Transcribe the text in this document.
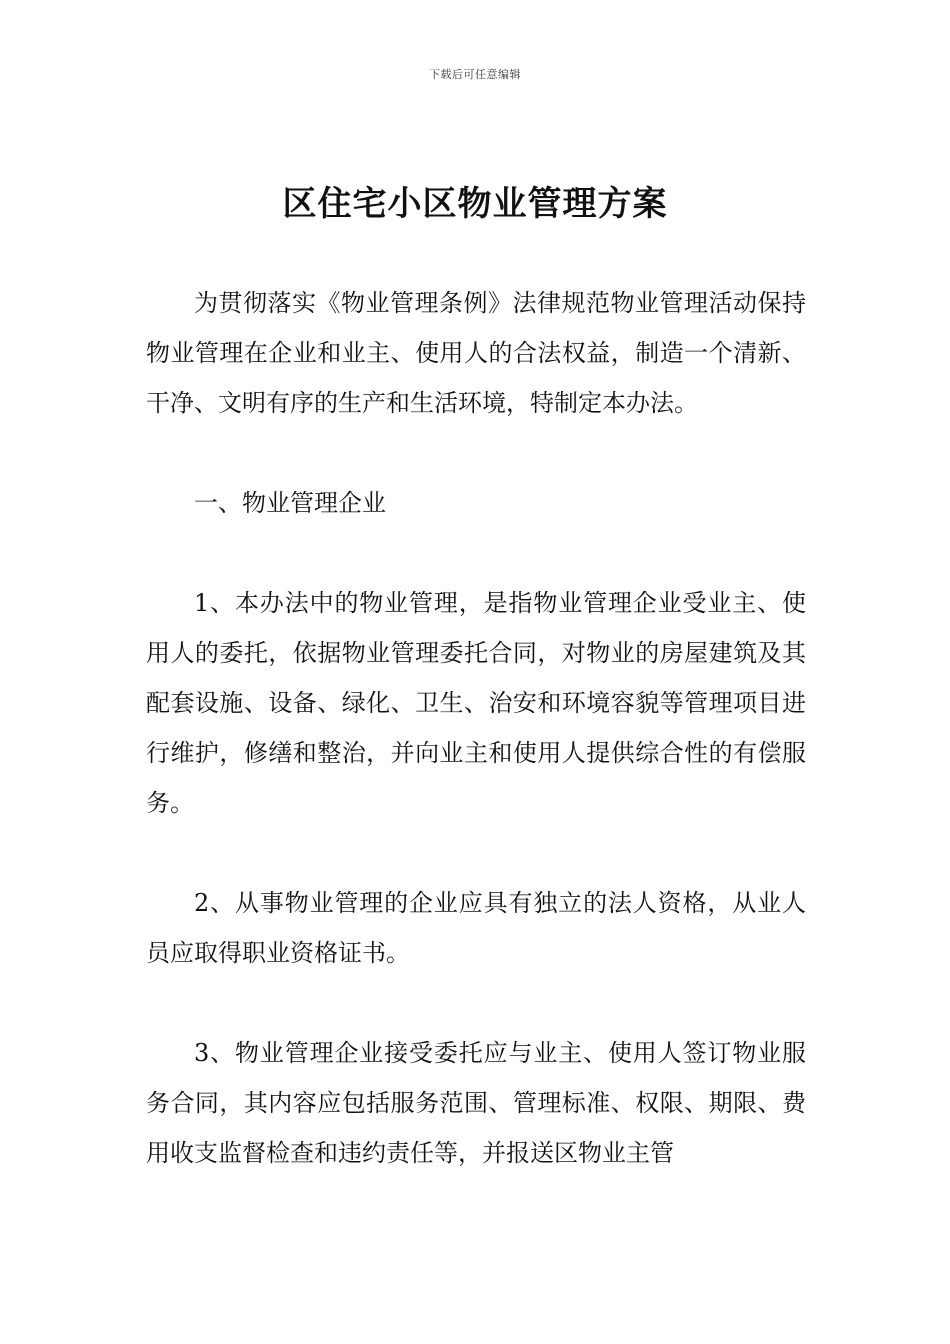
下载后可任意编辑
区住宅小区物业管理方案

为贯彻落实《物业管理条例》法律规范物业管理活动保持物业管理在企业和业主、使用人的合法权益，制造一个清新、干净、文明有序的生产和生活环境，特制定本办法。

一、物业管理企业

1、本办法中的物业管理，是指物业管理企业受业主、使用人的委托，依据物业管理委托合同，对物业的房屋建筑及其配套设施、设备、绿化、卫生、治安和环境容貌等管理项目进行维护，修缮和整治，并向业主和使用人提供综合性的有偿服务。

2、从事物业管理的企业应具有独立的法人资格，从业人员应取得职业资格证书。

3、物业管理企业接受委托应与业主、使用人签订物业服务合同，其内容应包括服务范围、管理标准、权限、期限、费用收支监督检查和违约责任等，并报送区物业主管
